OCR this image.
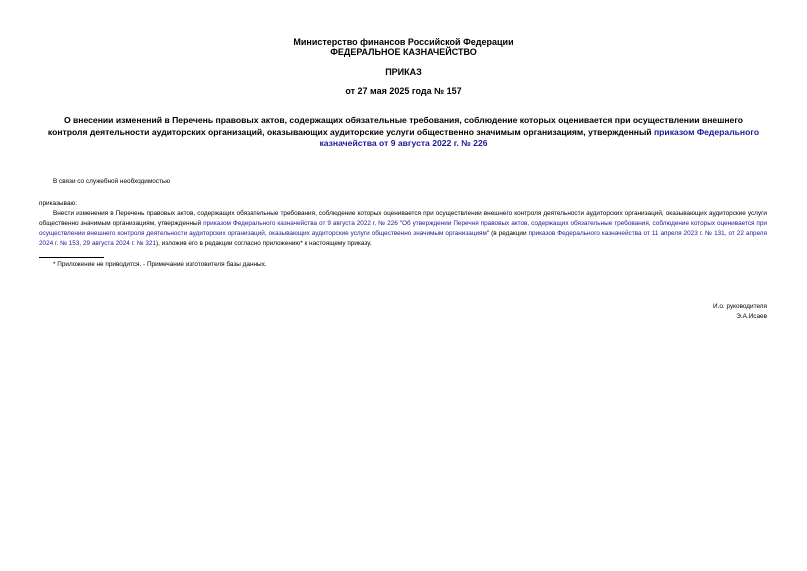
Министерство финансов Российской Федерации
ФЕДЕРАЛЬНОЕ КАЗНАЧЕЙСТВО
ПРИКАЗ
от 27 мая 2025 года № 157
О внесении изменений в Перечень правовых актов, содержащих обязательные требования, соблюдение которых оценивается при осуществлении внешнего контроля деятельности аудиторских организаций, оказывающих аудиторские услуги общественно значимым организациям, утвержденный приказом Федерального казначейства от 9 августа 2022 г. № 226
В связи со служебной необходимостью
приказываю:
Внести изменения в Перечень правовых актов, содержащих обязательные требования, соблюдение которых оценивается при осуществлении внешнего контроля деятельности аудиторских организаций, оказывающих аудиторские услуги общественно значимым организациям, утвержденный приказом Федерального казначейства от 9 августа 2022 г. № 226 "Об утверждении Перечня правовых актов, содержащих обязательные требования, соблюдение которых оценивается при осуществлении внешнего контроля деятельности аудиторских организаций, оказывающих аудиторские услуги общественно значимым организациям" (в редакции приказов Федерального казначейства от 11 апреля 2023 г. № 131, от 22 апреля 2024 г. № 153, 29 августа 2024 г. № 321), изложив его в редакции согласно приложению* к настоящему приказу.
* Приложение не приводится. - Примечание изготовителя базы данных.
И.о. руководителя
Э.А.Исаев
